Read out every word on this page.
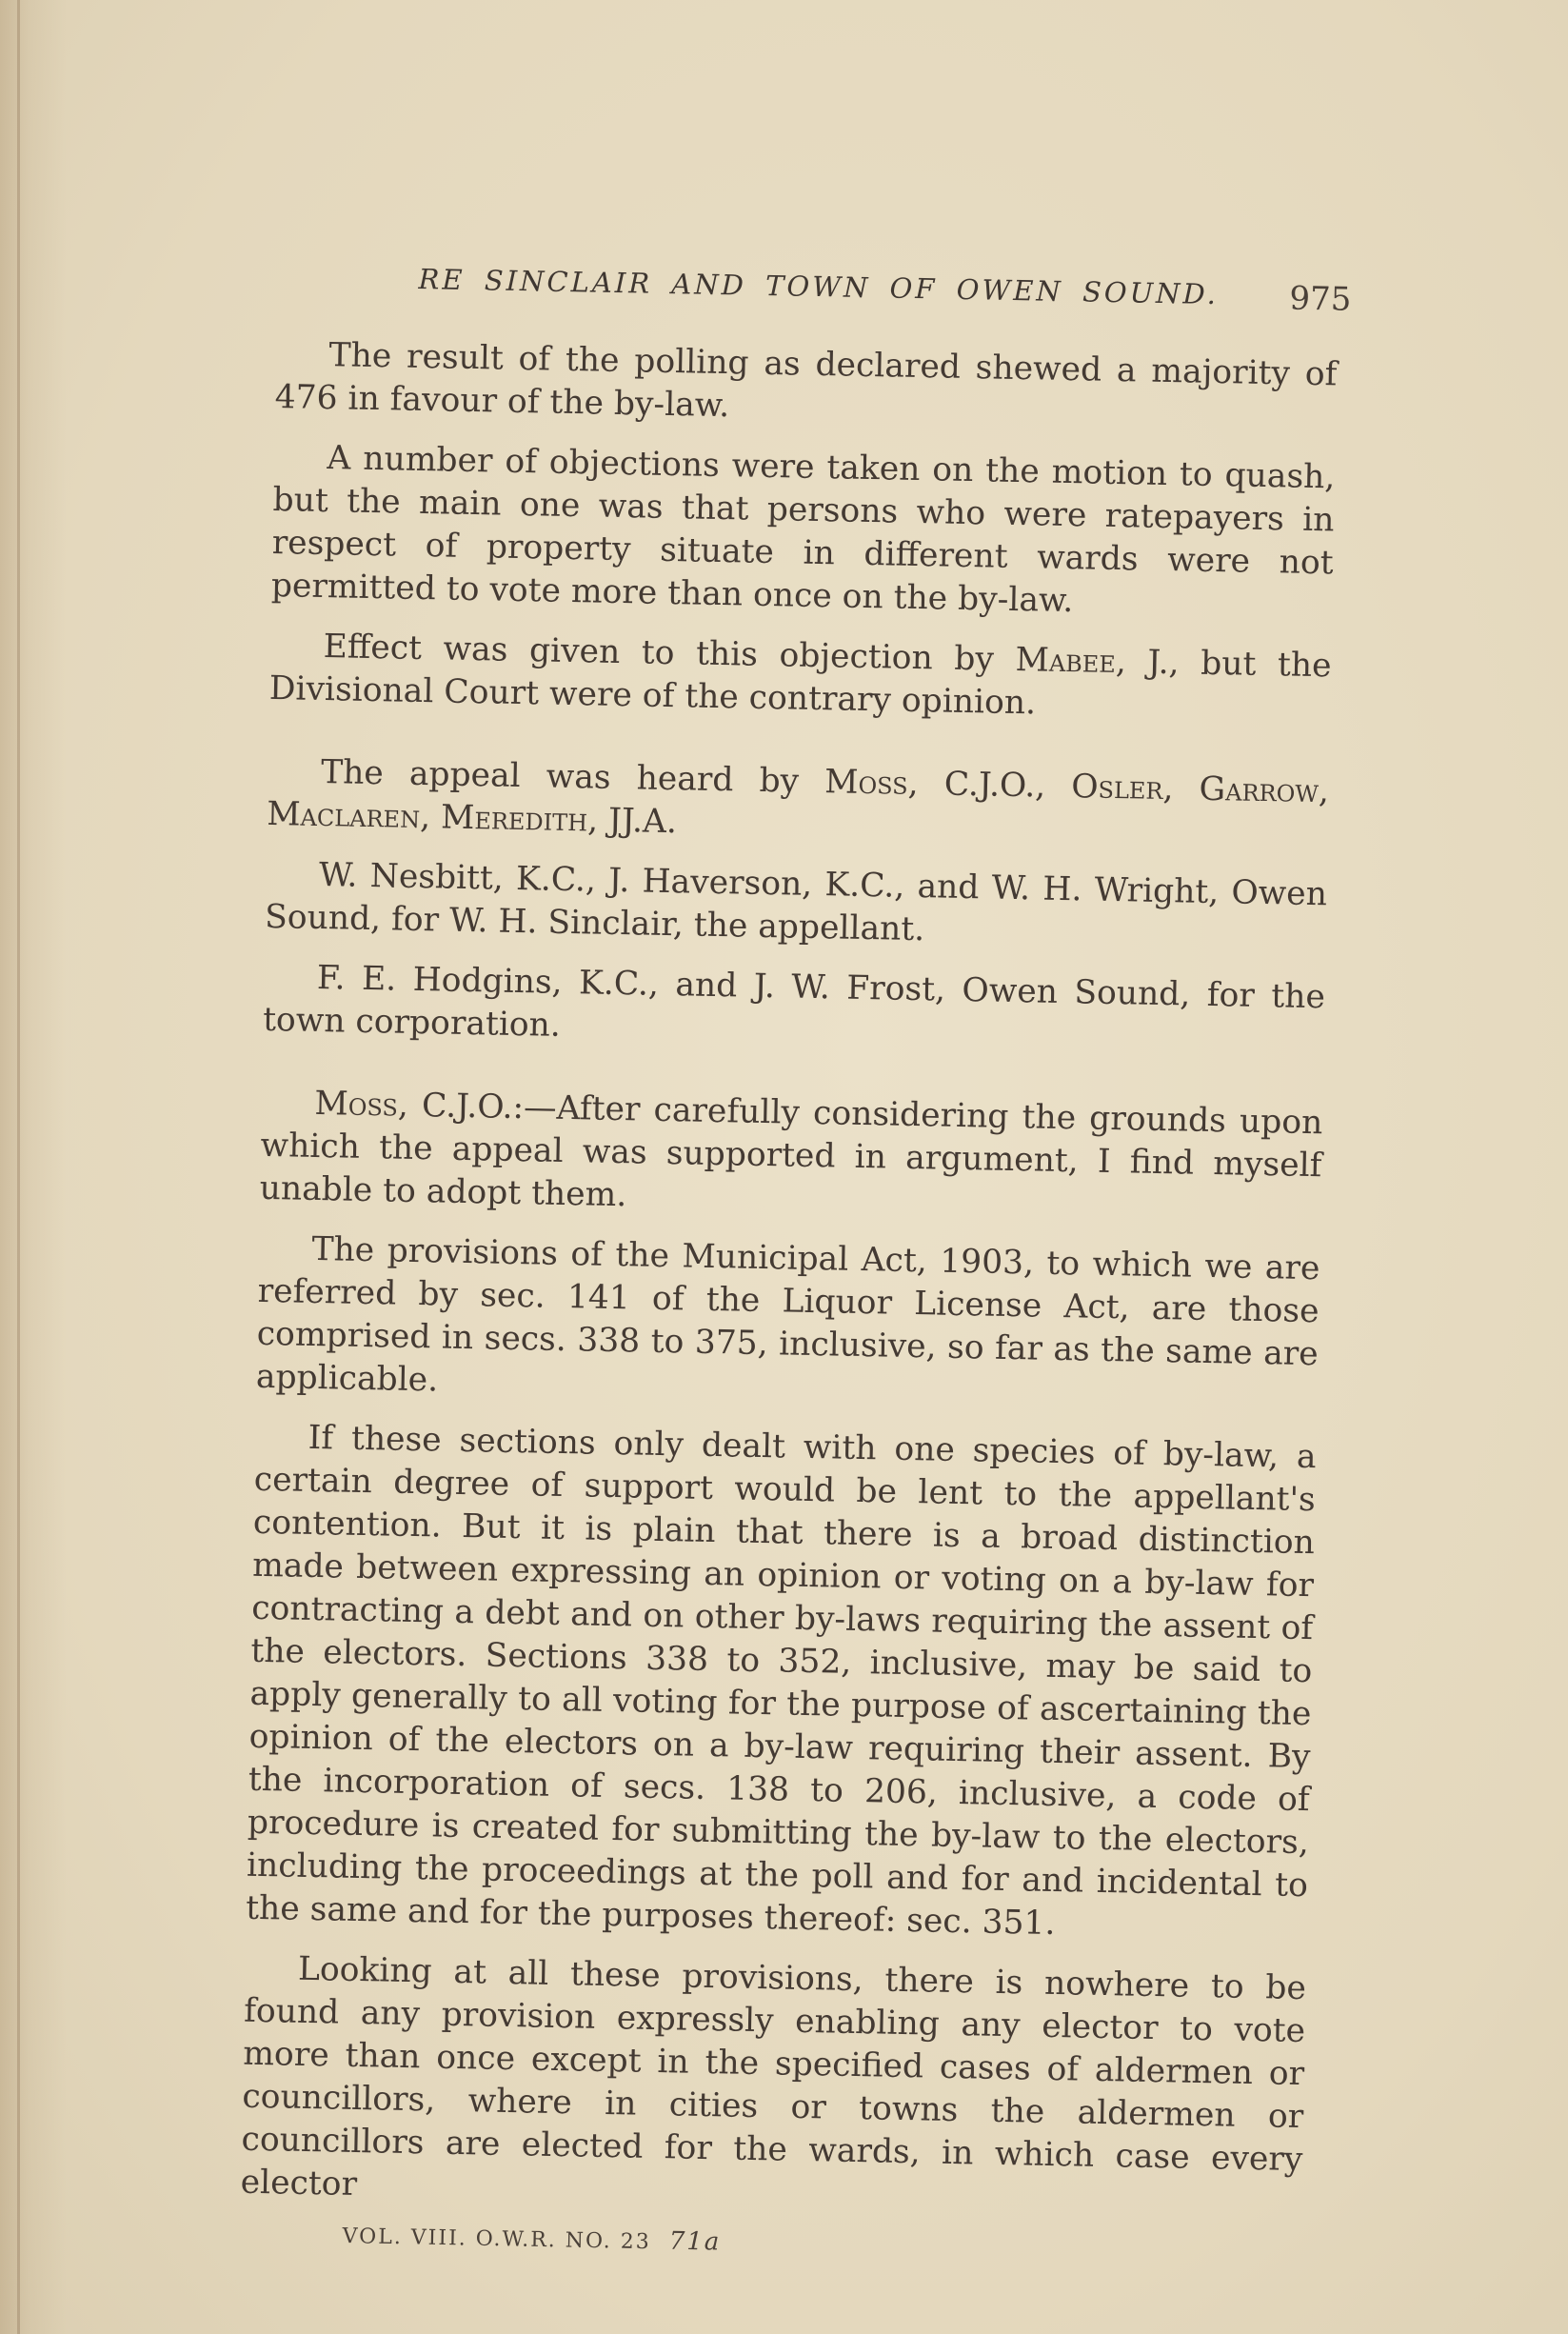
RE SINCLAIR AND TOWN OF OWEN SOUND. 975

The result of the polling as declared shewed a majority of 476 in favour of the by-law.

A number of objections were taken on the motion to quash, but the main one was that persons who were ratepayers in respect of property situate in different wards were not permitted to vote more than once on the by-law.

Effect was given to this objection by Mabee, J., but the Divisional Court were of the contrary opinion.

The appeal was heard by Moss, C.J.O., Osler, Garrow, Maclaren, Meredith, JJ.A.

W. Nesbitt, K.C., J. Haverson, K.C., and W. H. Wright, Owen Sound, for W. H. Sinclair, the appellant.

F. E. Hodgins, K.C., and J. W. Frost, Owen Sound, for the town corporation.

Moss, C.J.O.:—After carefully considering the grounds upon which the appeal was supported in argument, I find myself unable to adopt them.

The provisions of the Municipal Act, 1903, to which we are referred by sec. 141 of the Liquor License Act, are those comprised in secs. 338 to 375, inclusive, so far as the same are applicable.

If these sections only dealt with one species of by-law, a certain degree of support would be lent to the appellant's contention. But it is plain that there is a broad distinction made between expressing an opinion or voting on a by-law for contracting a debt and on other by-laws requiring the assent of the electors. Sections 338 to 352, inclusive, may be said to apply generally to all voting for the purpose of ascertaining the opinion of the electors on a by-law requiring their assent. By the incorporation of secs. 138 to 206, inclusive, a code of procedure is created for submitting the by-law to the electors, including the proceedings at the poll and for and incidental to the same and for the purposes thereof: sec. 351.

Looking at all these provisions, there is nowhere to be found any provision expressly enabling any elector to vote more than once except in the specified cases of aldermen or councillors, where in cities or towns the aldermen or councillors are elected for the wards, in which case every elector

VOL. VIII. O.W.R. NO. 23 71a
